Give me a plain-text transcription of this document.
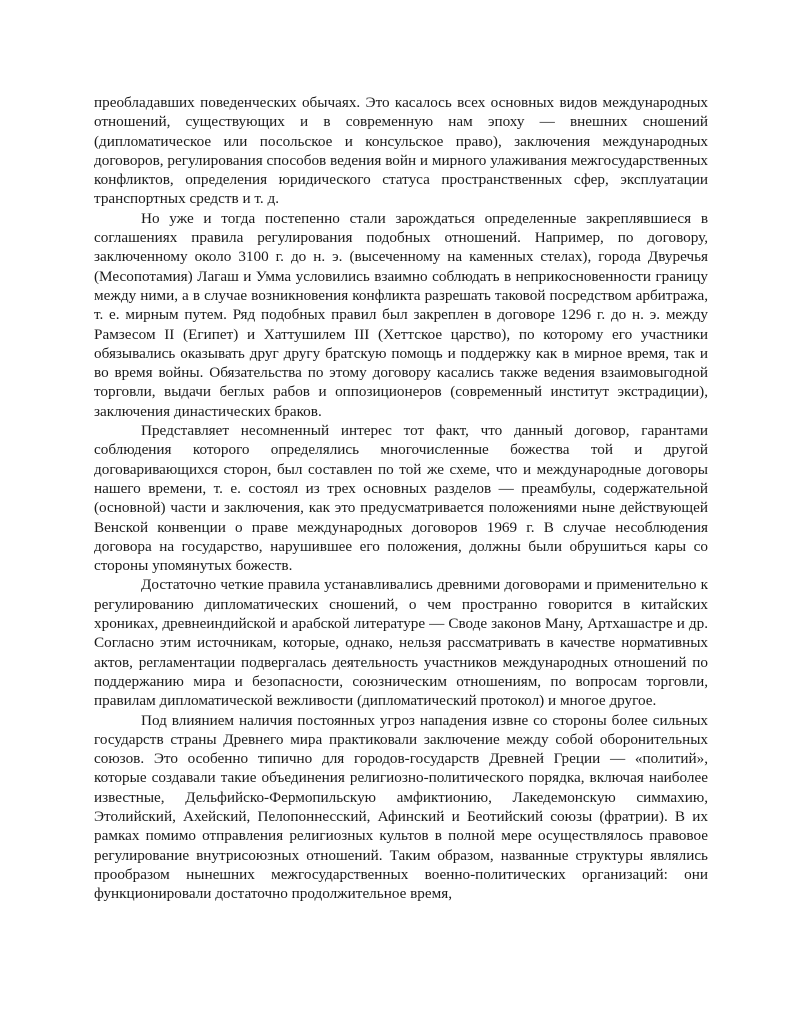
преобладавших поведенческих обычаях. Это касалось всех основных видов международных отношений, существующих и в современную нам эпоху — внешних сношений (дипломатическое или посольское и консульское право), заключения международных договоров, регулирования способов ведения войн и мирного улаживания межгосударственных конфликтов, определения юридического статуса пространственных сфер, эксплуатации транспортных средств и т. д.

Но уже и тогда постепенно стали зарождаться определенные закреплявшиеся в соглашениях правила регулирования подобных отношений. Например, по договору, заключенному около 3100 г. до н. э. (высеченному на каменных стелах), города Двуречья (Месопотамия) Лагаш и Умма условились взаимно соблюдать в неприкосновенности границу между ними, а в случае возникновения конфликта разрешать таковой посредством арбитража, т. е. мирным путем. Ряд подобных правил был закреплен в договоре 1296 г. до н. э. между Рамзесом II (Египет) и Хаттушилем III (Хеттское царство), по которому его участники обязывались оказывать друг другу братскую помощь и поддержку как в мирное время, так и во время войны. Обязательства по этому договору касались также ведения взаимовыгодной торговли, выдачи беглых рабов и оппозиционеров (современный институт экстрадиции), заключения династических браков.

Представляет несомненный интерес тот факт, что данный договор, гарантами соблюдения которого определялись многочисленные божества той и другой договаривающихся сторон, был составлен по той же схеме, что и международные договоры нашего времени, т. е. состоял из трех основных разделов — преамбулы, содержательной (основной) части и заключения, как это предусматривается положениями ныне действующей Венской конвенции о праве международных договоров 1969 г. В случае несоблюдения договора на государство, нарушившее его положения, должны были обрушиться кары со стороны упомянутых божеств.

Достаточно четкие правила устанавливались древними договорами и применительно к регулированию дипломатических сношений, о чем пространно говорится в китайских хрониках, древнеиндийской и арабской литературе — Своде законов Ману, Артхашастре и др. Согласно этим источникам, которые, однако, нельзя рассматривать в качестве нормативных актов, регламентации подвергалась деятельность участников международных отношений по поддержанию мира и безопасности, союзническим отношениям, по вопросам торговли, правилам дипломатической вежливости (дипломатический протокол) и многое другое.

Под влиянием наличия постоянных угроз нападения извне со стороны более сильных государств страны Древнего мира практиковали заключение между собой оборонительных союзов. Это особенно типично для городов-государств Древней Греции — «политий», которые создавали такие объединения религиозно-политического порядка, включая наиболее известные, Дельфийско-Фермопильскую амфиктионию, Лакедемонскую симмахию, Этолийский, Ахейский, Пелопоннесский, Афинский и Беотийский союзы (фратрии). В их рамках помимо отправления религиозных культов в полной мере осуществлялось правовое регулирование внутрисоюзных отношений. Таким образом, названные структуры являлись прообразом нынешних межгосударственных военно-политических организаций: они функционировали достаточно продолжительное время,
